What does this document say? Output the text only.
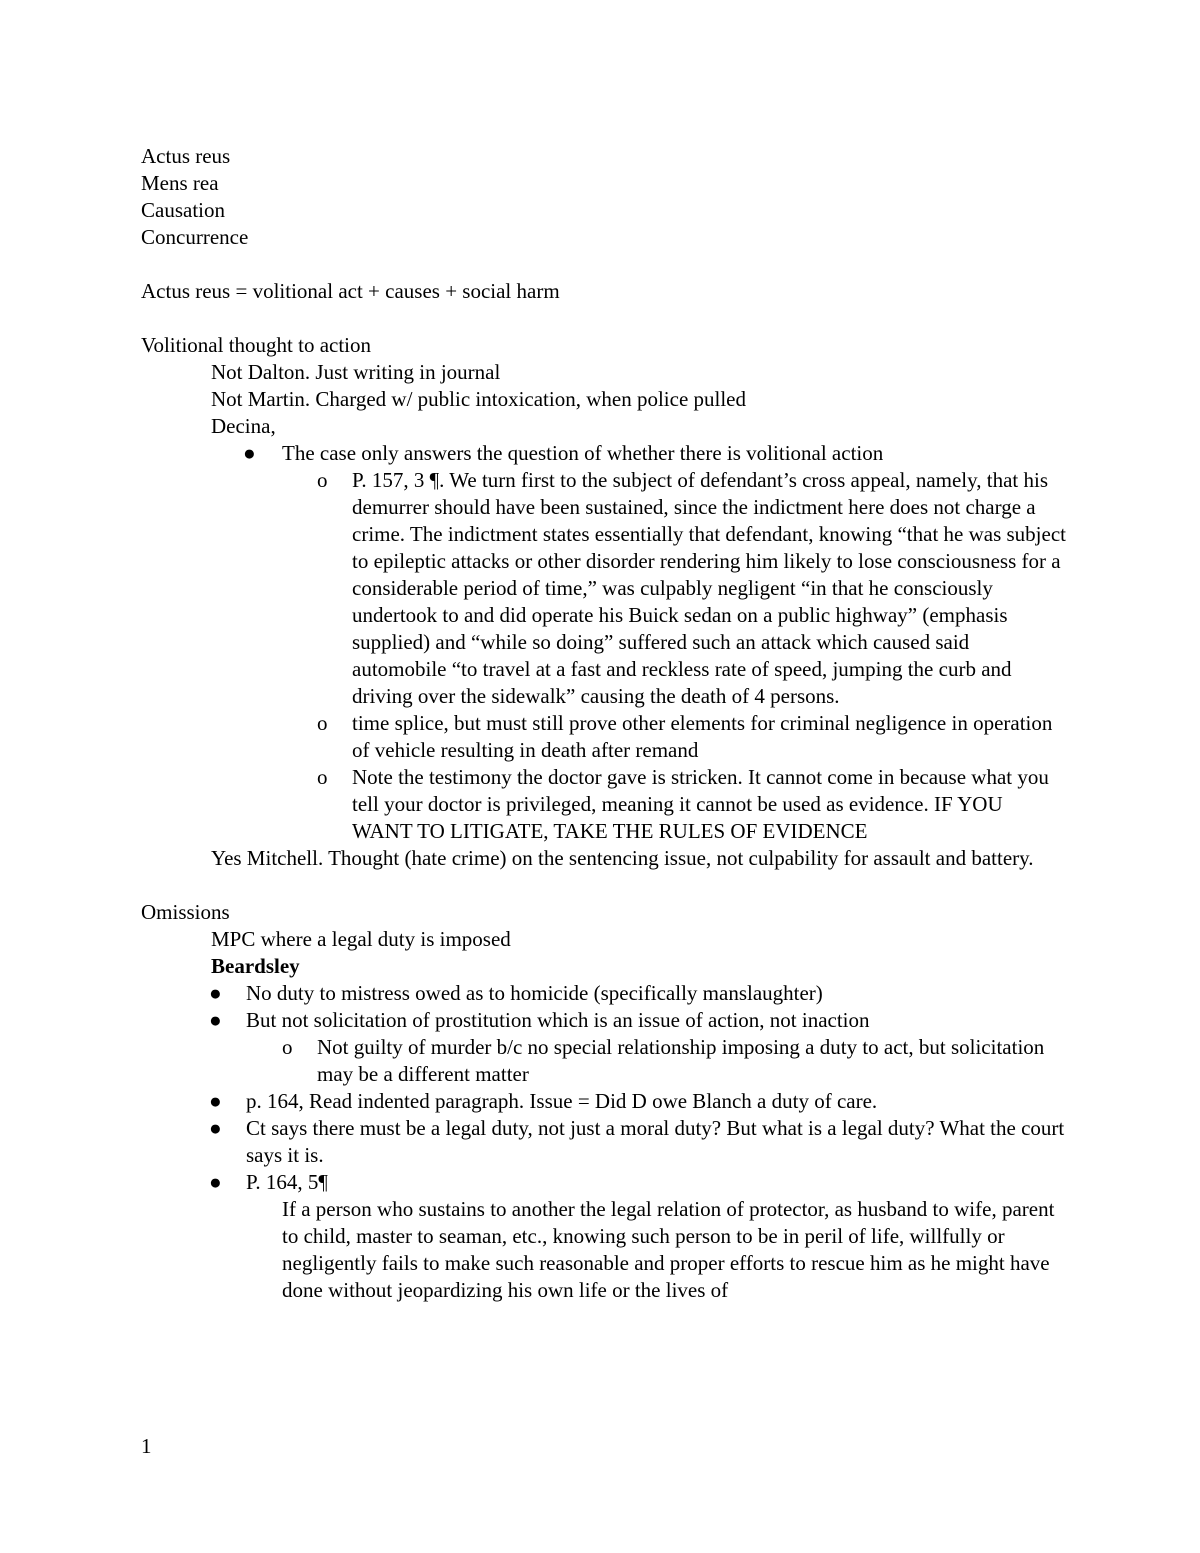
Actus reus
Mens rea
Causation
Concurrence
Actus reus = volitional act + causes + social harm
Volitional thought to action
Not Dalton. Just writing in journal
Not Martin. Charged w/ public intoxication, when police pulled
Decina,
● The case only answers the question of whether there is volitional action
o P. 157, 3 ¶. We turn first to the subject of defendant’s cross appeal, namely, that his demurrer should have been sustained, since the indictment here does not charge a crime. The indictment states essentially that defendant, knowing “that he was subject to epileptic attacks or other disorder rendering him likely to lose consciousness for a considerable period of time,” was culpably negligent “in that he consciously undertook to and did operate his Buick sedan on a public highway” (emphasis supplied) and “while so doing” suffered such an attack which caused said automobile “to travel at a fast and reckless rate of speed, jumping the curb and driving over the sidewalk” causing the death of 4 persons.
o time splice, but must still prove other elements for criminal negligence in operation of vehicle resulting in death after remand
o Note the testimony the doctor gave is stricken. It cannot come in because what you tell your doctor is privileged, meaning it cannot be used as evidence. IF YOU WANT TO LITIGATE, TAKE THE RULES OF EVIDENCE
Yes Mitchell. Thought (hate crime) on the sentencing issue, not culpability for assault and battery.
Omissions
MPC where a legal duty is imposed
Beardsley
● No duty to mistress owed as to homicide (specifically manslaughter)
● But not solicitation of prostitution which is an issue of action, not inaction
o Not guilty of murder b/c no special relationship imposing a duty to act, but solicitation may be a different matter
● p. 164, Read indented paragraph. Issue = Did D owe Blanch a duty of care.
● Ct says there must be a legal duty, not just a moral duty? But what is a legal duty? What the court says it is.
● P. 164, 5¶
If a person who sustains to another the legal relation of protector, as husband to wife, parent to child, master to seaman, etc., knowing such person to be in peril of life, willfully or negligently fails to make such reasonable and proper efforts to rescue him as he might have done without jeopardizing his own life or the lives of
1
